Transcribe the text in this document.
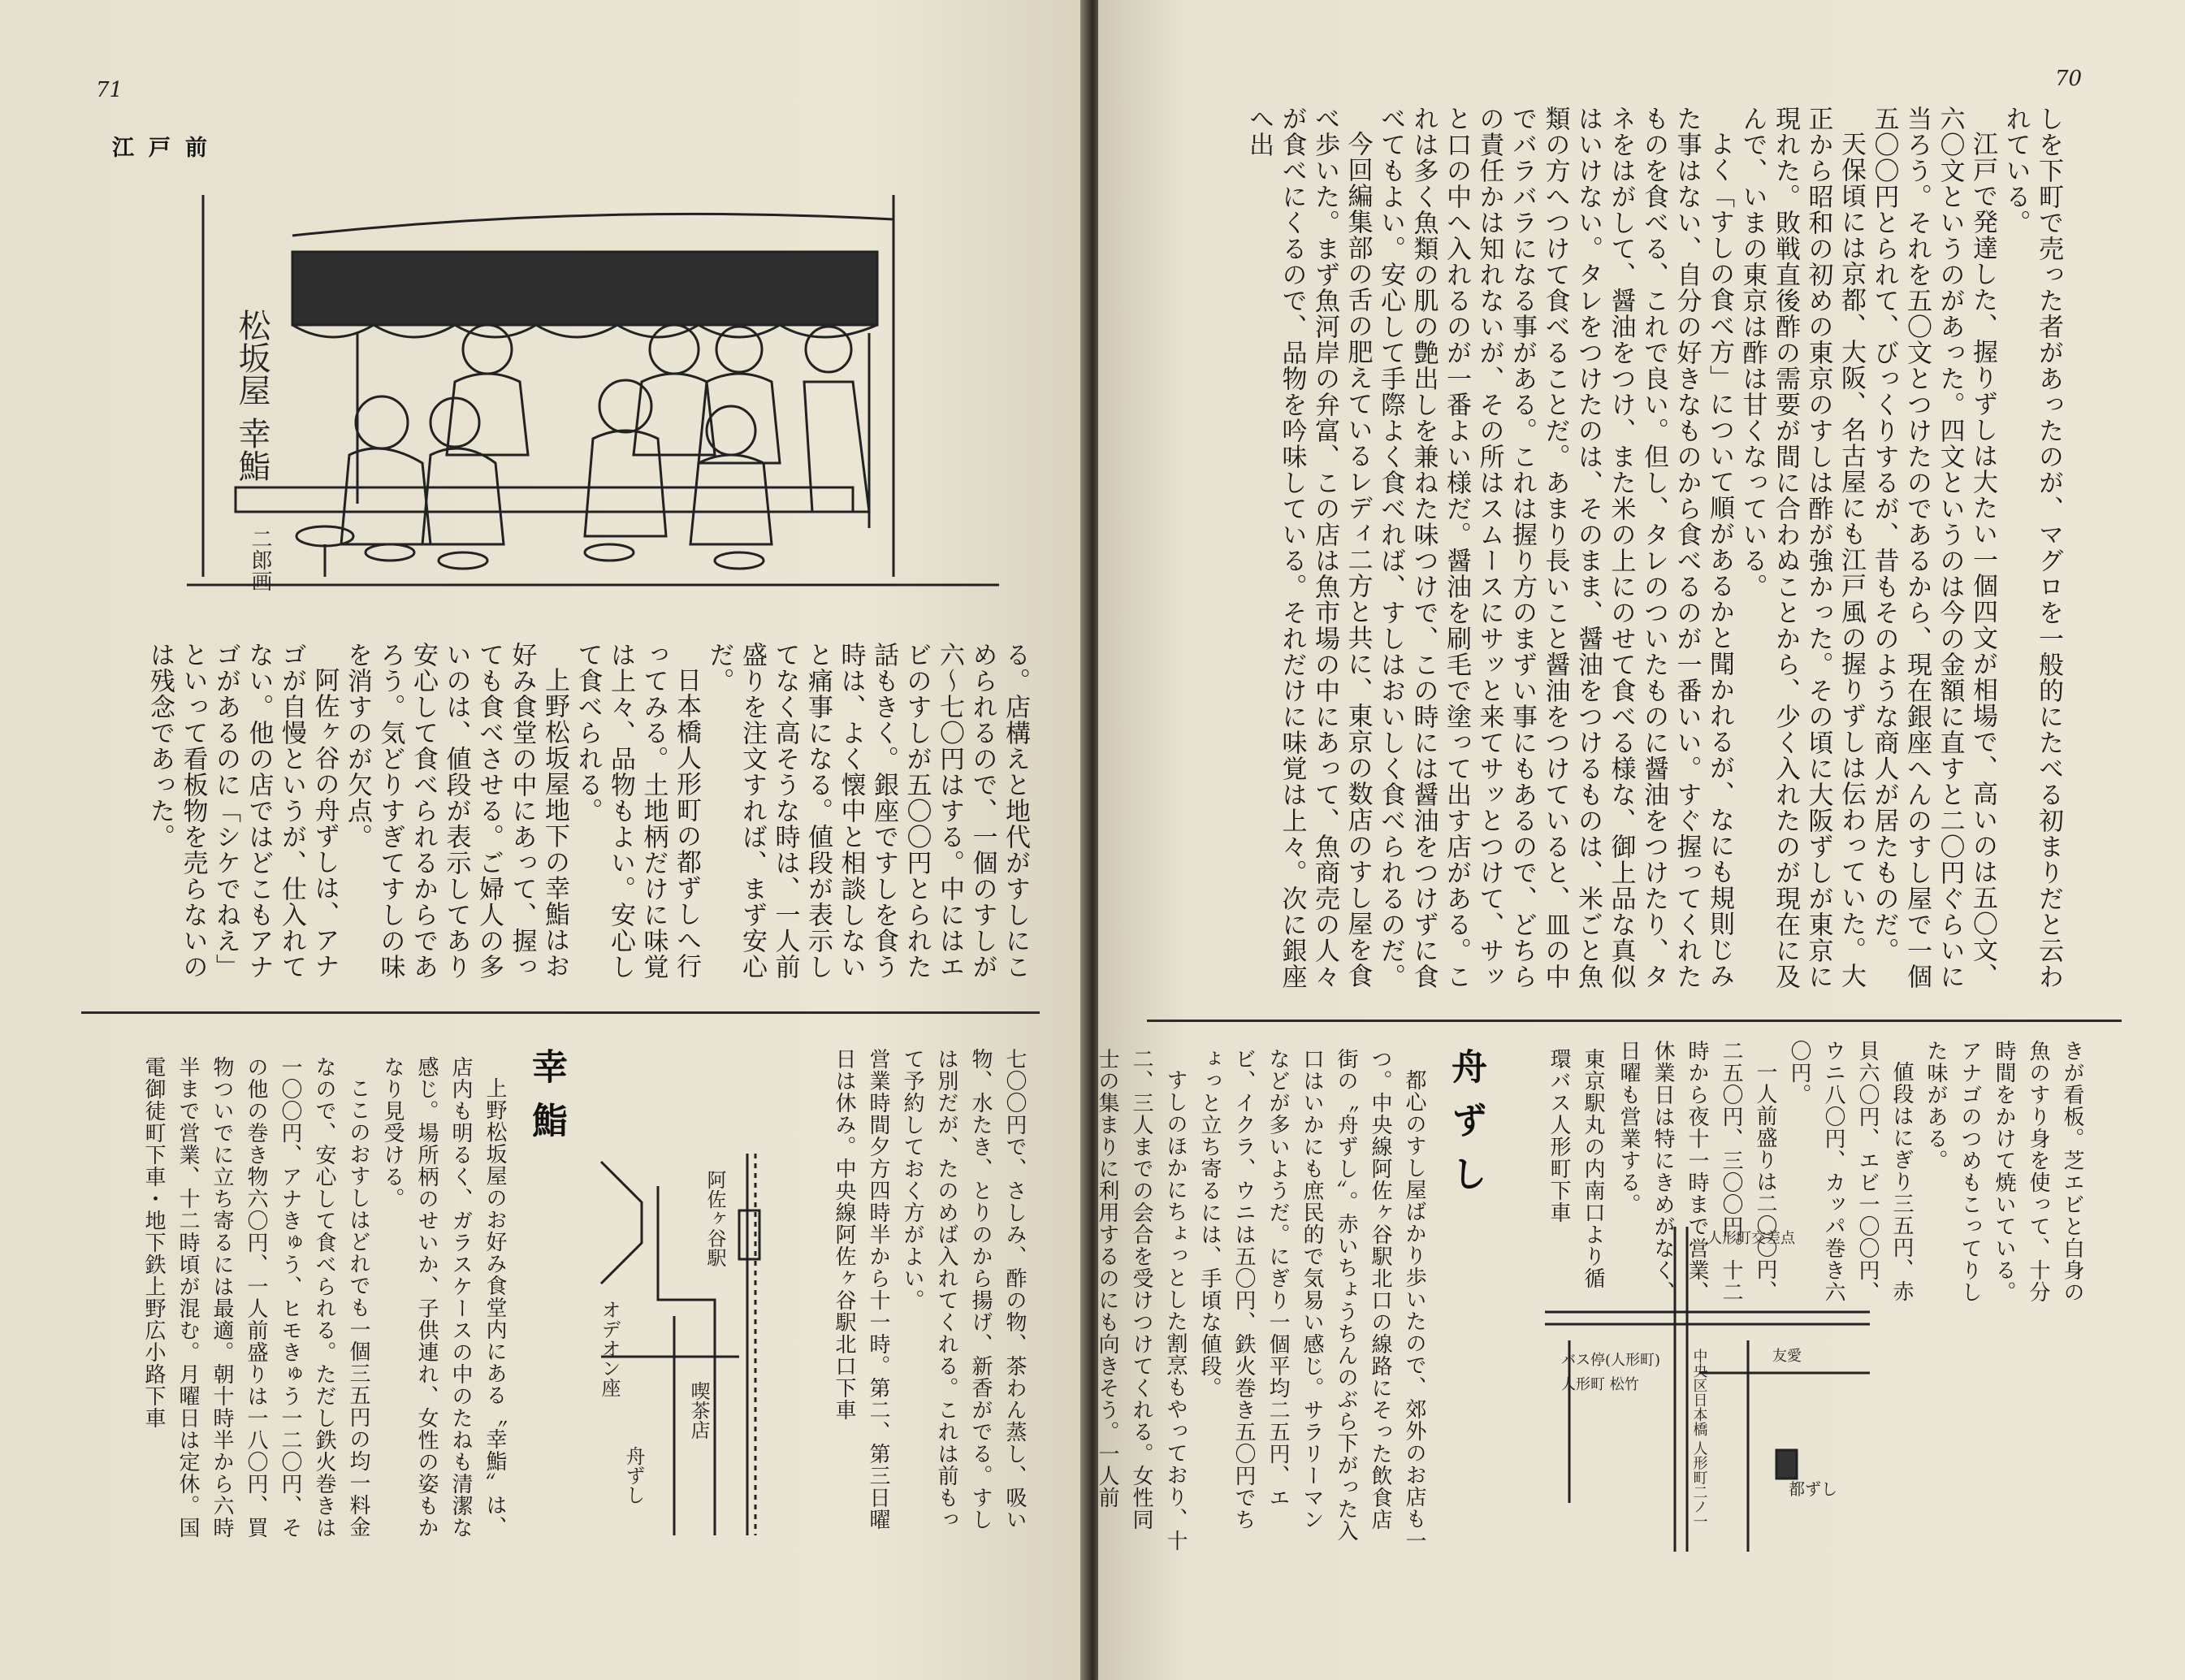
71
江戸前
松坂屋 幸鮨
二郎画

る。店構えと地代がすしにこめられるので、一個のすしが六〜七〇円はする。中にはエビのすしが五〇〇円とられた話もきく。銀座ですしを食う時は、よく懐中と相談しないと痛事になる。値段が表示してなく高そうな時は、一人前盛りを注文すれば、まず安心だ。

日本橋人形町の都ずしへ行ってみる。土地柄だけに味覚は上々、品物もよい。安心して食べられる。

上野松坂屋地下の幸鮨はお好み食堂の中にあって、握っても食べさせる。ご婦人の多いのは、値段が表示してあり安心して食べられるからであろう。気どりすぎてすしの味を消すのが欠点。

阿佐ヶ谷の舟ずしは、アナゴが自慢というが、仕入れてない。他の店ではどこもアナゴがあるのに「シケでねえ」といって看板物を売らないのは残念であった。

七〇〇円で、さしみ、酢の物、茶わん蒸し、吸い物、水たき、とりのから揚げ、新香がでる。すしは別だが、たのめば入れてくれる。これは前もって予約しておく方がよい。

営業時間夕方四時半から十一時。第二、第三日曜日は休み。中央線阿佐ヶ谷駅北口下車

阿佐ヶ谷駅
オデオン座
喫茶店
舟ずし
幸鮨

上野松坂屋のお好み食堂内にある〝幸鮨〟は、店内も明るく、ガラスケースの中のたねも清潔な感じ。場所柄のせいか、子供連れ、女性の姿もかなり見受ける。

ここのおすしはどれでも一個三五円の均一料金なので、安心して食べられる。ただし鉄火巻きは一〇〇円、アナきゅう、ヒモきゅう一二〇円、その他の巻き物六〇円、一人前盛りは一八〇円、買物ついでに立ち寄るには最適。朝十時半から六時半まで営業、十二時頃が混む。月曜日は定休。国電御徒町下車・地下鉄上野広小路下車

70

しを下町で売った者があったのが、マグロを一般的にたべる初まりだと云われている。

江戸で発達した、握りずしは大たい一個四文が相場で、高いのは五〇文、六〇文というのがあった。四文というのは今の金額に直すと二〇円ぐらいに当ろう。それを五〇文とつけたのであるから、現在銀座へんのすし屋で一個五〇〇円とられて、びっくりするが、昔もそのような商人が居たものだ。

天保頃には京都、大阪、名古屋にも江戸風の握りずしは伝わっていた。大正から昭和の初めの東京のすしは酢が強かった。その頃に大阪ずしが東京に現れた。敗戦直後酢の需要が間に合わぬことから、少く入れたのが現在に及んで、いまの東京は酢は甘くなっている。

よく「すしの食べ方」について順があるかと聞かれるが、なにも規則じみた事はない、自分の好きなものから食べるのが一番いい。すぐ握ってくれたものを食べる、これで良い。但し、タレのついたものに醤油をつけたり、タネをはがして、醤油をつけ、また米の上にのせて食べる様な、御上品な真似はいけない。タレをつけたのは、そのまま、醤油をつけるものは、米ごと魚類の方へつけて食べることだ。あまり長いこと醤油をつけていると、皿の中でバラバラになる事がある。これは握り方のまずい事にもあるので、どちらの責任かは知れないが、その所はスムースにサッと来てサッとつけて、サッと口の中へ入れるのが一番よい様だ。醤油を刷毛で塗って出す店がある。これは多く魚類の肌の艶出しを兼ねた味つけで、この時には醤油をつけずに食べてもよい。安心して手際よく食べれば、すしはおいしく食べられるのだ。

今回編集部の舌の肥えているレディ二方と共に、東京の数店のすし屋を食べ歩いた。まず魚河岸の弁富、この店は魚市場の中にあって、魚商売の人々が食べにくるので、品物を吟味している。それだけに味覚は上々。次に銀座へ出

きが看板。芝エビと白身の魚のすり身を使って、十分時間をかけて焼いている。アナゴのつめもこってりした味がある。

値段はにぎり三五円、赤貝六〇円、エビ一〇〇円、ウニ八〇円、カッパ巻き六〇円。

一人前盛りは二〇〇円、二五〇円、三〇〇円。十二時から夜十一時まで営業、休業日は特にきめがなく、日曜も営業する。

東京駅丸の内南口より循環バス人形町下車
人形町交差点
バス停(人形町)
人形町 松竹	中央区日本橋 人形町二ノ一	都ずし
友愛
舟ずし

都心のすし屋ばかり歩いたので、郊外のお店も一つ。中央線阿佐ヶ谷駅北口の線路にそった飲食店街の〝舟ずし〟。赤いちょうちんのぶら下がった入口はいかにも庶民的で気易い感じ。サラリーマンなどが多いようだ。にぎり一個平均二五円、エビ、イクラ、ウニは五〇円、鉄火巻き五〇円でちょっと立ち寄るには、手頃な値段。

すしのほかにちょっとした割烹もやっており、十二、三人までの会合を受けつけてくれる。女性同士の集まりに利用するのにも向きそう。一人前
